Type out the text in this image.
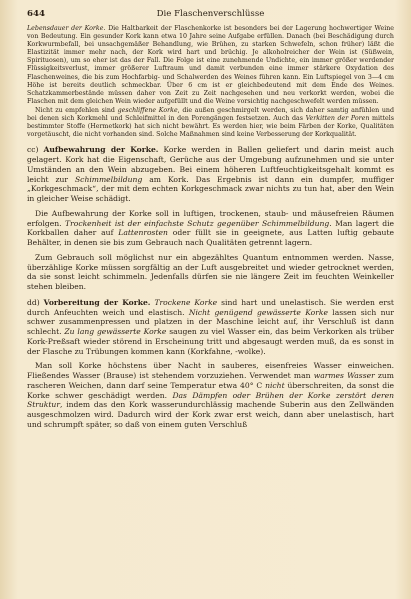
644	Die Flaschenverschlüsse

Lebensdauer der Korke. Die Haltbarkeit der Flaschenkorke ist besonders bei der Lagerung hochwertiger Weine von Bedeutung. Ein gesunder Kork kann etwa 10 Jahre seine Aufgabe erfüllen. Danach (bei Beschädigung durch Korkwurmbefall, bei unsachgemäßer Behandlung, wie Brühen, zu starken Schwefeln, schon früher) läßt die Elastizität immer mehr nach, der Kork wird hart und brüchig. Je alkoholreicher der Wein ist (Süßwein, Spirituosen), um so eher ist das der Fall. Die Folge ist eine zunehmende Undichte, ein immer größer werdender Flüssigkeitsverlust, immer größerer Luftraum und damit verbunden eine immer stärkere Oxydation des Flaschenweines, die bis zum Hochfarbig- und Schalwerden des Weines führen kann. Ein Luftspiegel von 3—4 cm Höhe ist bereits deutlich schmeckbar. Über 6 cm ist er gleichbedeutend mit dem Ende des Weines. Schatzkammerbestände müssen daher von Zeit zu Zeit nachgesehen und neu verkorkt werden, wobei die Flaschen mit dem gleichen Wein wieder aufgefüllt und die Weine vorsichtig nachgeschwefelt werden müssen.

Nicht zu empfehlen sind geschliffene Korke, die außen geschmirgelt werden, sich daher samtig anfühlen und bei denen sich Korkmehl und Schleifmittel in den Porengängen festsetzen. Auch das Verkitten der Poren mittels bestimmter Stoffe (Hermetkork) hat sich nicht bewährt. Es werden hier, wie beim Färben der Korke, Qualitäten vorgetäuscht, die nicht vorhanden sind. Solche Maßnahmen sind keine Verbesserung der Korkqualität.

cc) Aufbewahrung der Korke. Korke werden in Ballen geliefert und darin meist auch gelagert. Kork hat die Eigenschaft, Gerüche aus der Umgebung aufzunehmen und sie unter Umständen an den Wein abzugeben. Bei einem höheren Luftfeuchtigkeitsgehalt kommt es leicht zur Schimmelbildung am Kork. Das Ergebnis ist dann ein dumpfer, muffiger „Korkgeschmack“, der mit dem echten Korkgeschmack zwar nichts zu tun hat, aber den Wein in gleicher Weise schädigt.

Die Aufbewahrung der Korke soll in luftigen, trockenen, staub- und mäusefreien Räumen erfolgen. Trockenheit ist der einfachste Schutz gegenüber Schimmelbildung. Man lagert die Korkballen daher auf Lattenrosten oder füllt sie in geeignete, aus Latten luftig gebaute Behälter, in denen sie bis zum Gebrauch nach Qualitäten getrennt lagern.

Zum Gebrauch soll möglichst nur ein abgezähltes Quantum entnommen werden. Nasse, überzählige Korke müssen sorgfältig an der Luft ausgebreitet und wieder getrocknet werden, da sie sonst leicht schimmeln. Jedenfalls dürfen sie nie längere Zeit im feuchten Weinkeller stehen bleiben.

dd) Vorbereitung der Korke. Trockene Korke sind hart und unelastisch. Sie werden erst durch Anfeuchten weich und elastisch. Nicht genügend gewässerte Korke lassen sich nur schwer zusammenpressen und platzen in der Maschine leicht auf, ihr Verschluß ist dann schlecht. Zu lang gewässerte Korke saugen zu viel Wasser ein, das beim Verkorken als trüber Kork-Preßsaft wieder störend in Erscheinung tritt und abgesaugt werden muß, da es sonst in der Flasche zu Trübungen kommen kann (Korkfahne, -wolke).

Man soll Korke höchstens über Nacht in sauberes, eisenfreies Wasser einweichen. Fließendes Wasser (Brause) ist stehendem vorzuziehen. Verwendet man warmes Wasser zum rascheren Weichen, dann darf seine Temperatur etwa 40° C nicht überschreiten, da sonst die Korke schwer geschädigt werden. Das Dämpfen oder Brühen der Korke zerstört deren Struktur, indem das den Kork wasserundurchlässig machende Suberin aus den Zellwänden ausgeschmolzen wird. Dadurch wird der Kork zwar erst weich, dann aber unelastisch, hart und schrumpft später, so daß von einem guten Verschluß
